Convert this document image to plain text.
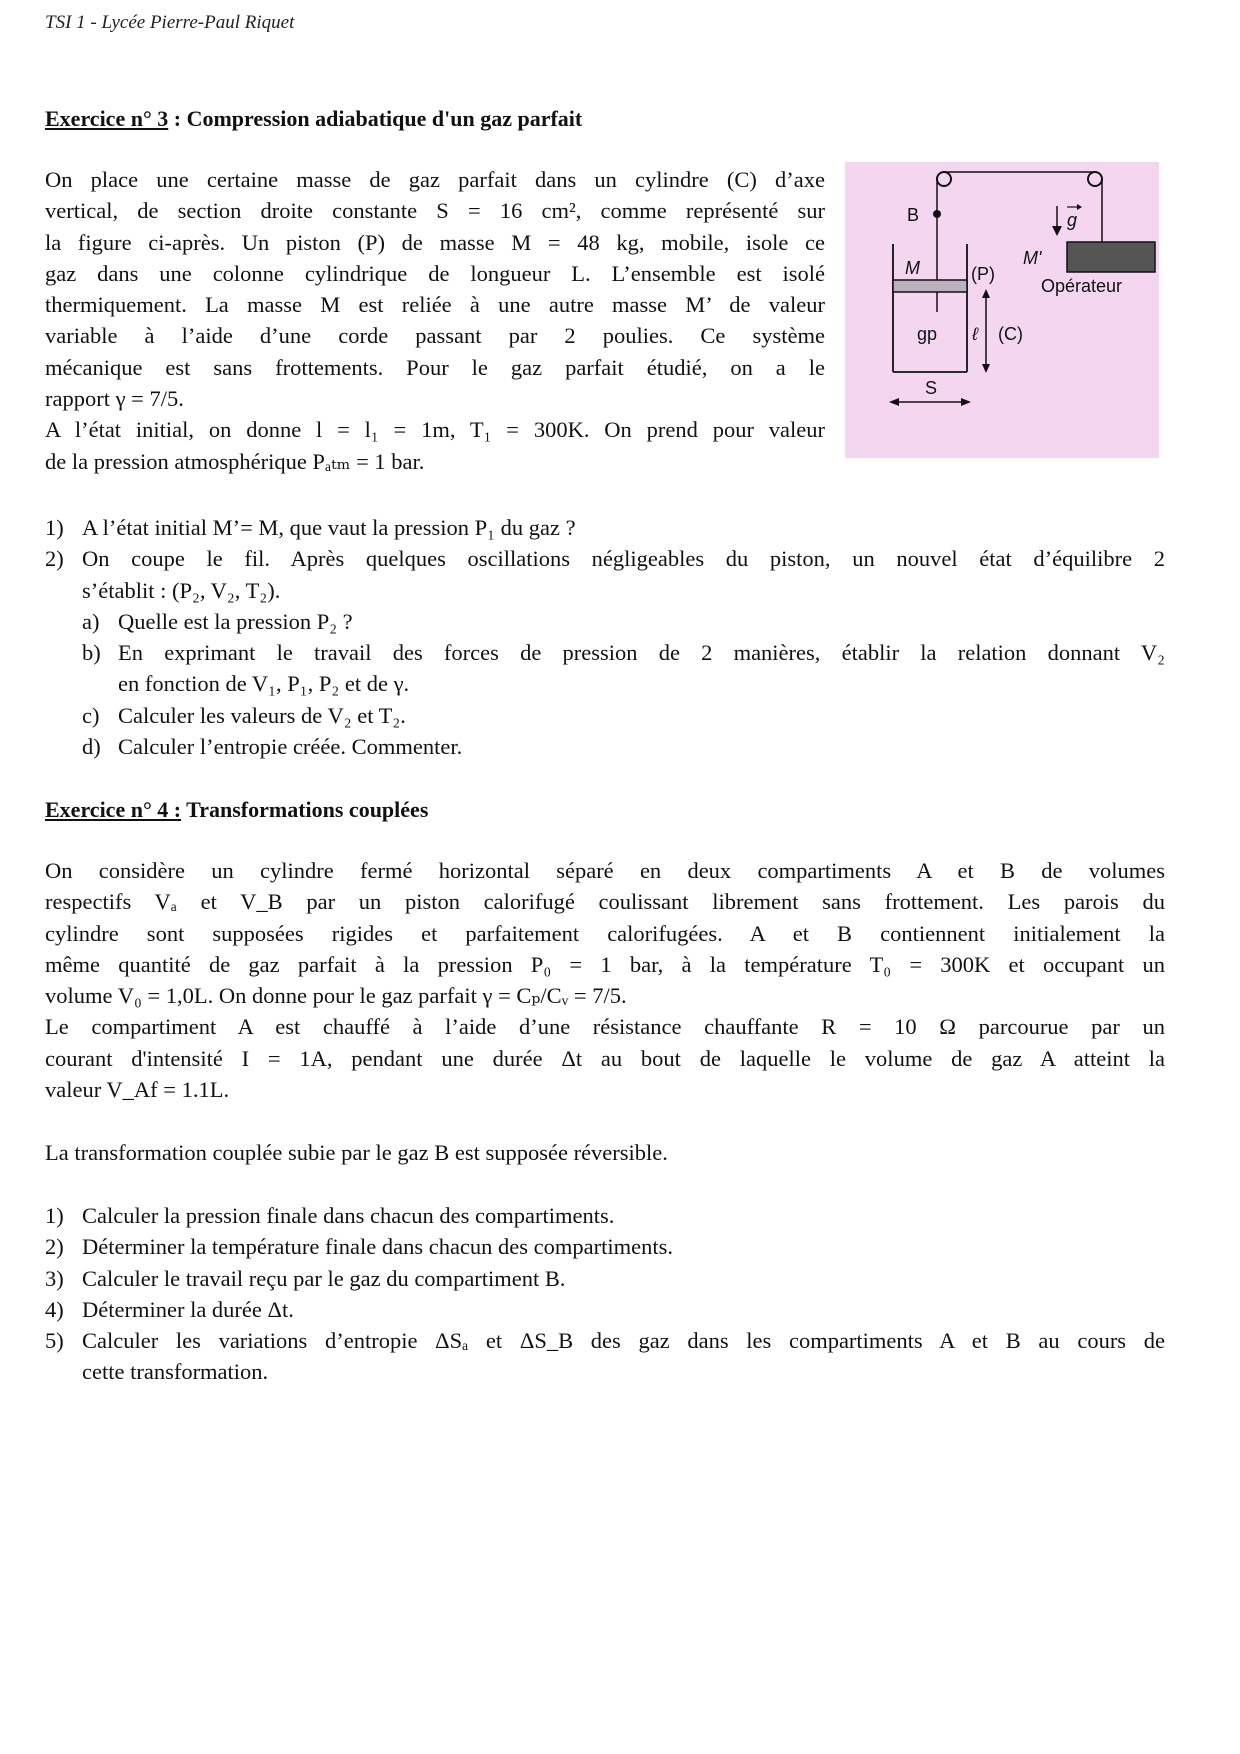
TSI 1 - Lycée Pierre-Paul Riquet
Exercice n° 3 : Compression adiabatique d'un gaz parfait
On place une certaine masse de gaz parfait dans un cylindre (C) d’axe
vertical, de section droite constante S = 16 cm², comme représenté sur
la figure ci-après. Un piston (P) de masse M = 48 kg, mobile, isole ce
gaz dans une colonne cylindrique de longueur L. L’ensemble est isolé
thermiquement. La masse M est reliée à une autre masse M’ de valeur
variable à l’aide d’une corde passant par 2 poulies. Ce système
mécanique est sans frottements. Pour le gaz parfait étudié, on a le
rapport γ = 7/5.
A l’état initial, on donne l = l₁ = 1m, T₁ = 300K. On prend pour valeur
de la pression atmosphérique Pₐₜₘ = 1 bar.
B	g
M'
Opérateur
M	(P)
gp ℓ (C)
S
1) A l’état initial M’= M, que vaut la pression P₁ du gaz ?
2) On coupe le fil. Après quelques oscillations négligeables du piston, un nouvel état d’équilibre 2
s’établit : (P₂, V₂, T₂).
a) Quelle est la pression P₂ ?
b) En exprimant le travail des forces de pression de 2 manières, établir la relation donnant V₂
en fonction de V₁, P₁, P₂ et de γ.
c) Calculer les valeurs de V₂ et T₂.
d) Calculer l’entropie créée. Commenter.
Exercice n° 4 : Transformations couplées
On considère un cylindre fermé horizontal séparé en deux compartiments A et B de volumes
respectifs Vₐ et V_B par un piston calorifugé coulissant librement sans frottement. Les parois du
cylindre sont supposées rigides et parfaitement calorifugées. A et B contiennent initialement la
même quantité de gaz parfait à la pression P₀ = 1 bar, à la température T₀ = 300K et occupant un
volume V₀ = 1,0L. On donne pour le gaz parfait γ = Cₚ/Cᵥ = 7/5.
Le compartiment A est chauffé à l’aide d’une résistance chauffante R = 10 Ω parcourue par un
courant d'intensité I = 1A, pendant une durée Δt au bout de laquelle le volume de gaz A atteint la
valeur V_Af = 1.1L.
La transformation couplée subie par le gaz B est supposée réversible.
1) Calculer la pression finale dans chacun des compartiments.
2) Déterminer la température finale dans chacun des compartiments.
3) Calculer le travail reçu par le gaz du compartiment B.
4) Déterminer la durée Δt.
5) Calculer les variations d’entropie ΔSₐ et ΔS_B des gaz dans les compartiments A et B au cours de
cette transformation.
